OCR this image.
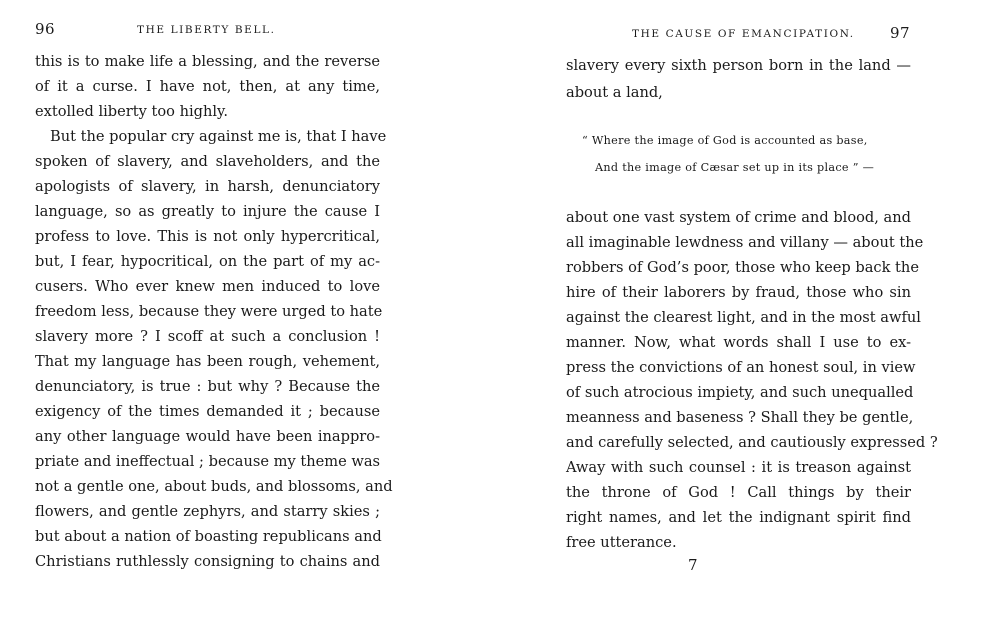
96	THE LIBERTY BELL.
this is to make life a blessing, and the reverse
of it a curse. I have not, then, at any time,
extolled liberty too highly.
But the popular cry against me is, that I have
spoken of slavery, and slaveholders, and the
apologists of slavery, in harsh, denunciatory
language, so as greatly to injure the cause I
profess to love. This is not only hypercritical,
but, I fear, hypocritical, on the part of my ac-
cusers. Who ever knew men induced to love
freedom less, because they were urged to hate
slavery more ? I scoff at such a conclusion !
That my language has been rough, vehement,
denunciatory, is true : but why ? Because the
exigency of the times demanded it ; because
any other language would have been inappro-
priate and ineffectual ; because my theme was
not a gentle one, about buds, and blossoms, and
flowers, and gentle zephyrs, and starry skies ;
but about a nation of boasting republicans and
Christians ruthlessly consigning to chains and
THE CAUSE OF EMANCIPATION. 97
slavery every sixth person born in the land —
about a land,
“ Where the image of God is accounted as base,
And the image of Cæsar set up in its place ” —
about one vast system of crime and blood, and
all imaginable lewdness and villany — about the
robbers of God’s poor, those who keep back the
hire of their laborers by fraud, those who sin
against the clearest light, and in the most awful
manner. Now, what words shall I use to ex-
press the convictions of an honest soul, in view
of such atrocious impiety, and such unequalled
meanness and baseness ? Shall they be gentle,
and carefully selected, and cautiously expressed ?
Away with such counsel : it is treason against
the throne of God ! Call things by their
right names, and let the indignant spirit find
free utterance.
7
